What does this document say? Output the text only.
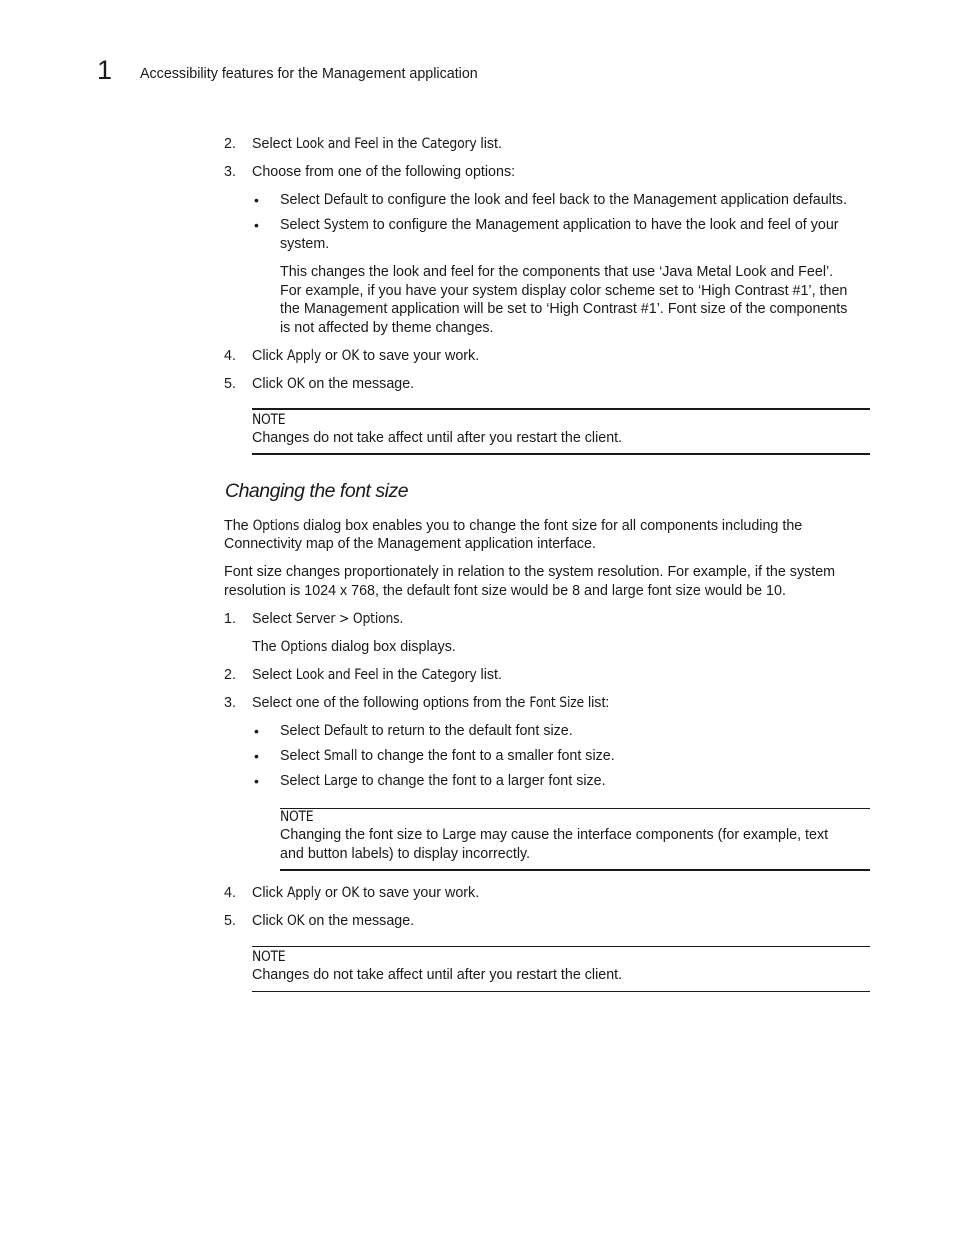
1 Accessibility features for the Management application
2. Select Look and Feel in the Category list.
3. Choose from one of the following options:
• Select Default to configure the look and feel back to the Management application defaults.
• Select System to configure the Management application to have the look and feel of your
system.
This changes the look and feel for the components that use ‘Java Metal Look and Feel’.
For example, if you have your system display color scheme set to ‘High Contrast #1’, then
the Management application will be set to ‘High Contrast #1’. Font size of the components
is not affected by theme changes.
4. Click Apply or OK to save your work.
5. Click OK on the message.
NOTE
Changes do not take affect until after you restart the client.
Changing the font size
The Options dialog box enables you to change the font size for all components including the
Connectivity map of the Management application interface.
Font size changes proportionately in relation to the system resolution. For example, if the system
resolution is 1024 x 768, the default font size would be 8 and large font size would be 10.
1. Select Server > Options.
The Options dialog box displays.
2. Select Look and Feel in the Category list.
3. Select one of the following options from the Font Size list:
• Select Default to return to the default font size.
• Select Small to change the font to a smaller font size.
• Select Large to change the font to a larger font size.
NOTE
Changing the font size to Large may cause the interface components (for example, text
and button labels) to display incorrectly.
4. Click Apply or OK to save your work.
5. Click OK on the message.
NOTE
Changes do not take affect until after you restart the client.
